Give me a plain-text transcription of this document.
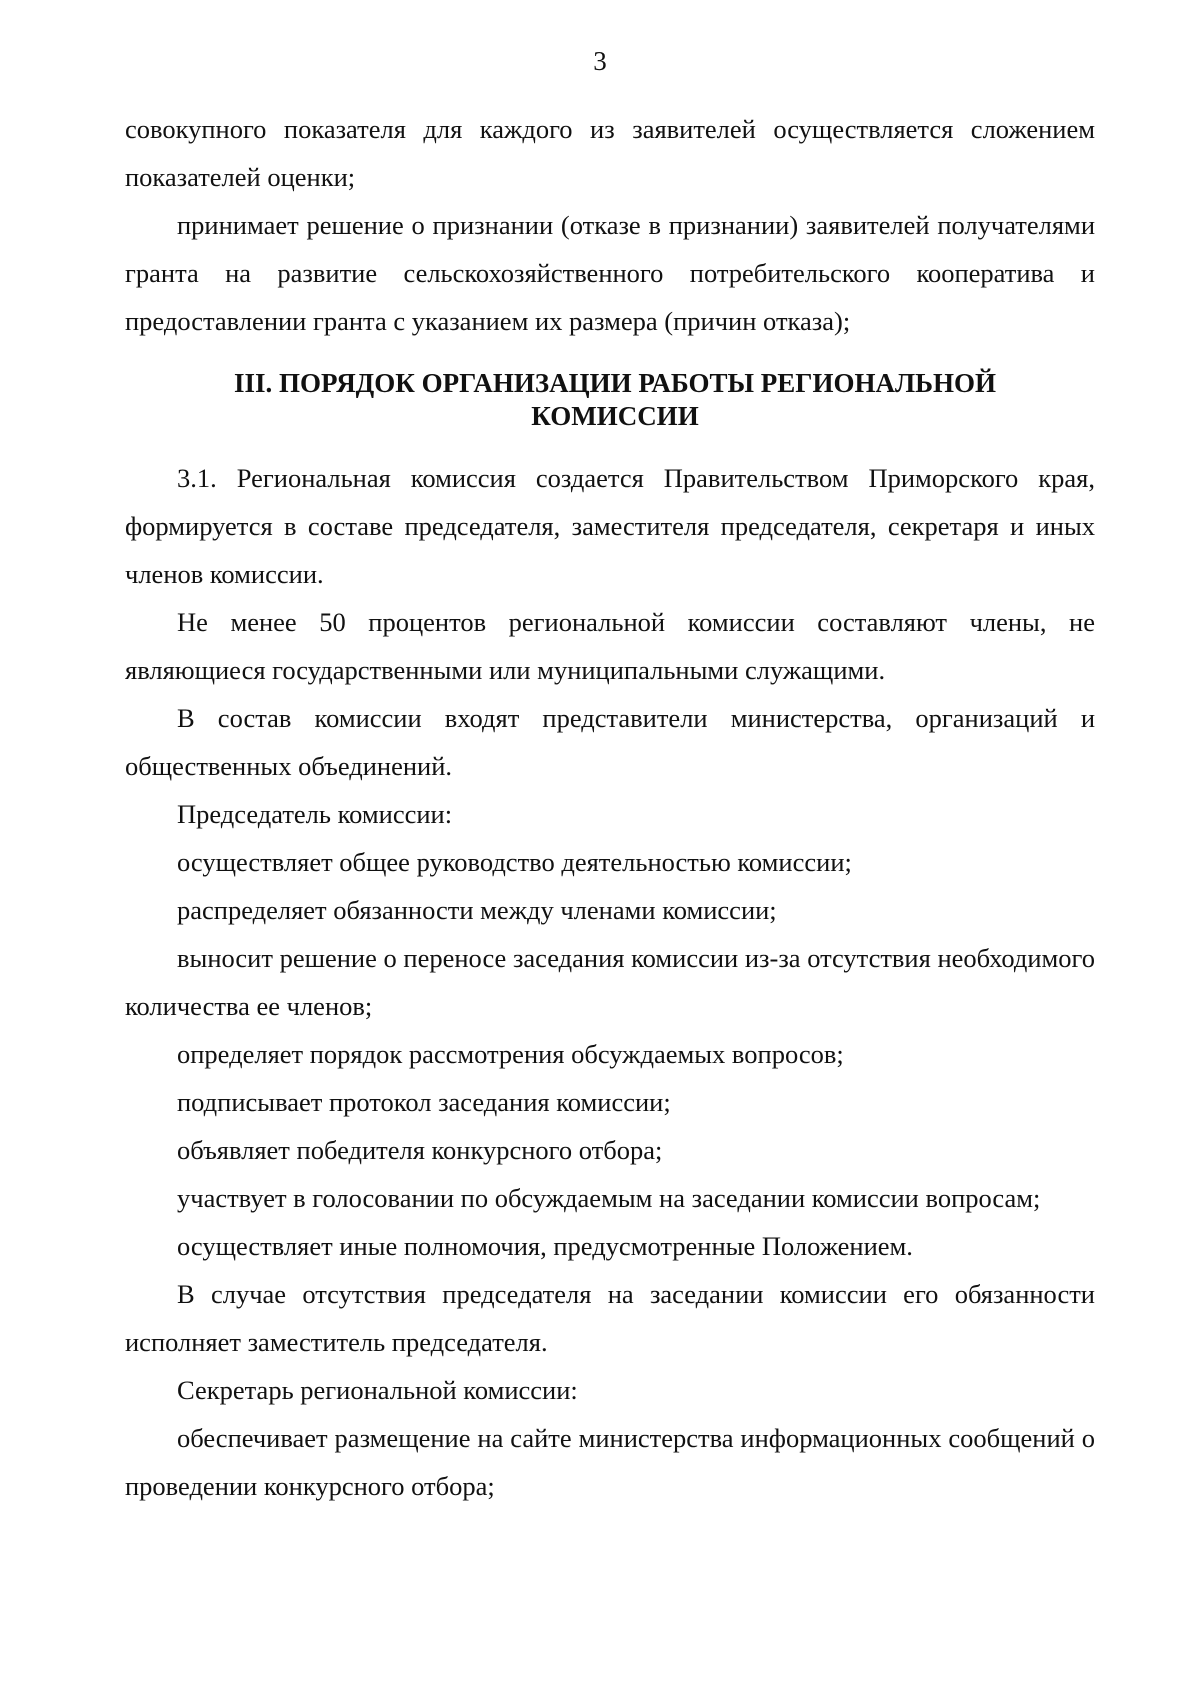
3

совокупного показателя для каждого из заявителей осуществляется сложением показателей оценки;

принимает решение о признании (отказе в признании) заявителей получателями гранта на развитие сельскохозяйственного потребительского кооператива и предоставлении гранта с указанием их размера (причин отказа);

III. ПОРЯДОК ОРГАНИЗАЦИИ РАБОТЫ РЕГИОНАЛЬНОЙ
КОМИССИИ

3.1. Региональная комиссия создается Правительством Приморского края, формируется в составе председателя, заместителя председателя, секретаря и иных членов комиссии.

Не менее 50 процентов региональной комиссии составляют члены, не являющиеся государственными или муниципальными служащими.

В состав комиссии входят представители министерства, организаций и общественных объединений.

Председатель комиссии:

осуществляет общее руководство деятельностью комиссии;

распределяет обязанности между членами комиссии;

выносит решение о переносе заседания комиссии из-за отсутствия необходимого количества ее членов;

определяет порядок рассмотрения обсуждаемых вопросов;

подписывает протокол заседания комиссии;

объявляет победителя конкурсного отбора;

участвует в голосовании по обсуждаемым на заседании комиссии вопросам;

осуществляет иные полномочия, предусмотренные Положением.

В случае отсутствия председателя на заседании комиссии его обязанности исполняет заместитель председателя.

Секретарь региональной комиссии:

обеспечивает размещение на сайте министерства информационных сообщений о проведении конкурсного отбора;
